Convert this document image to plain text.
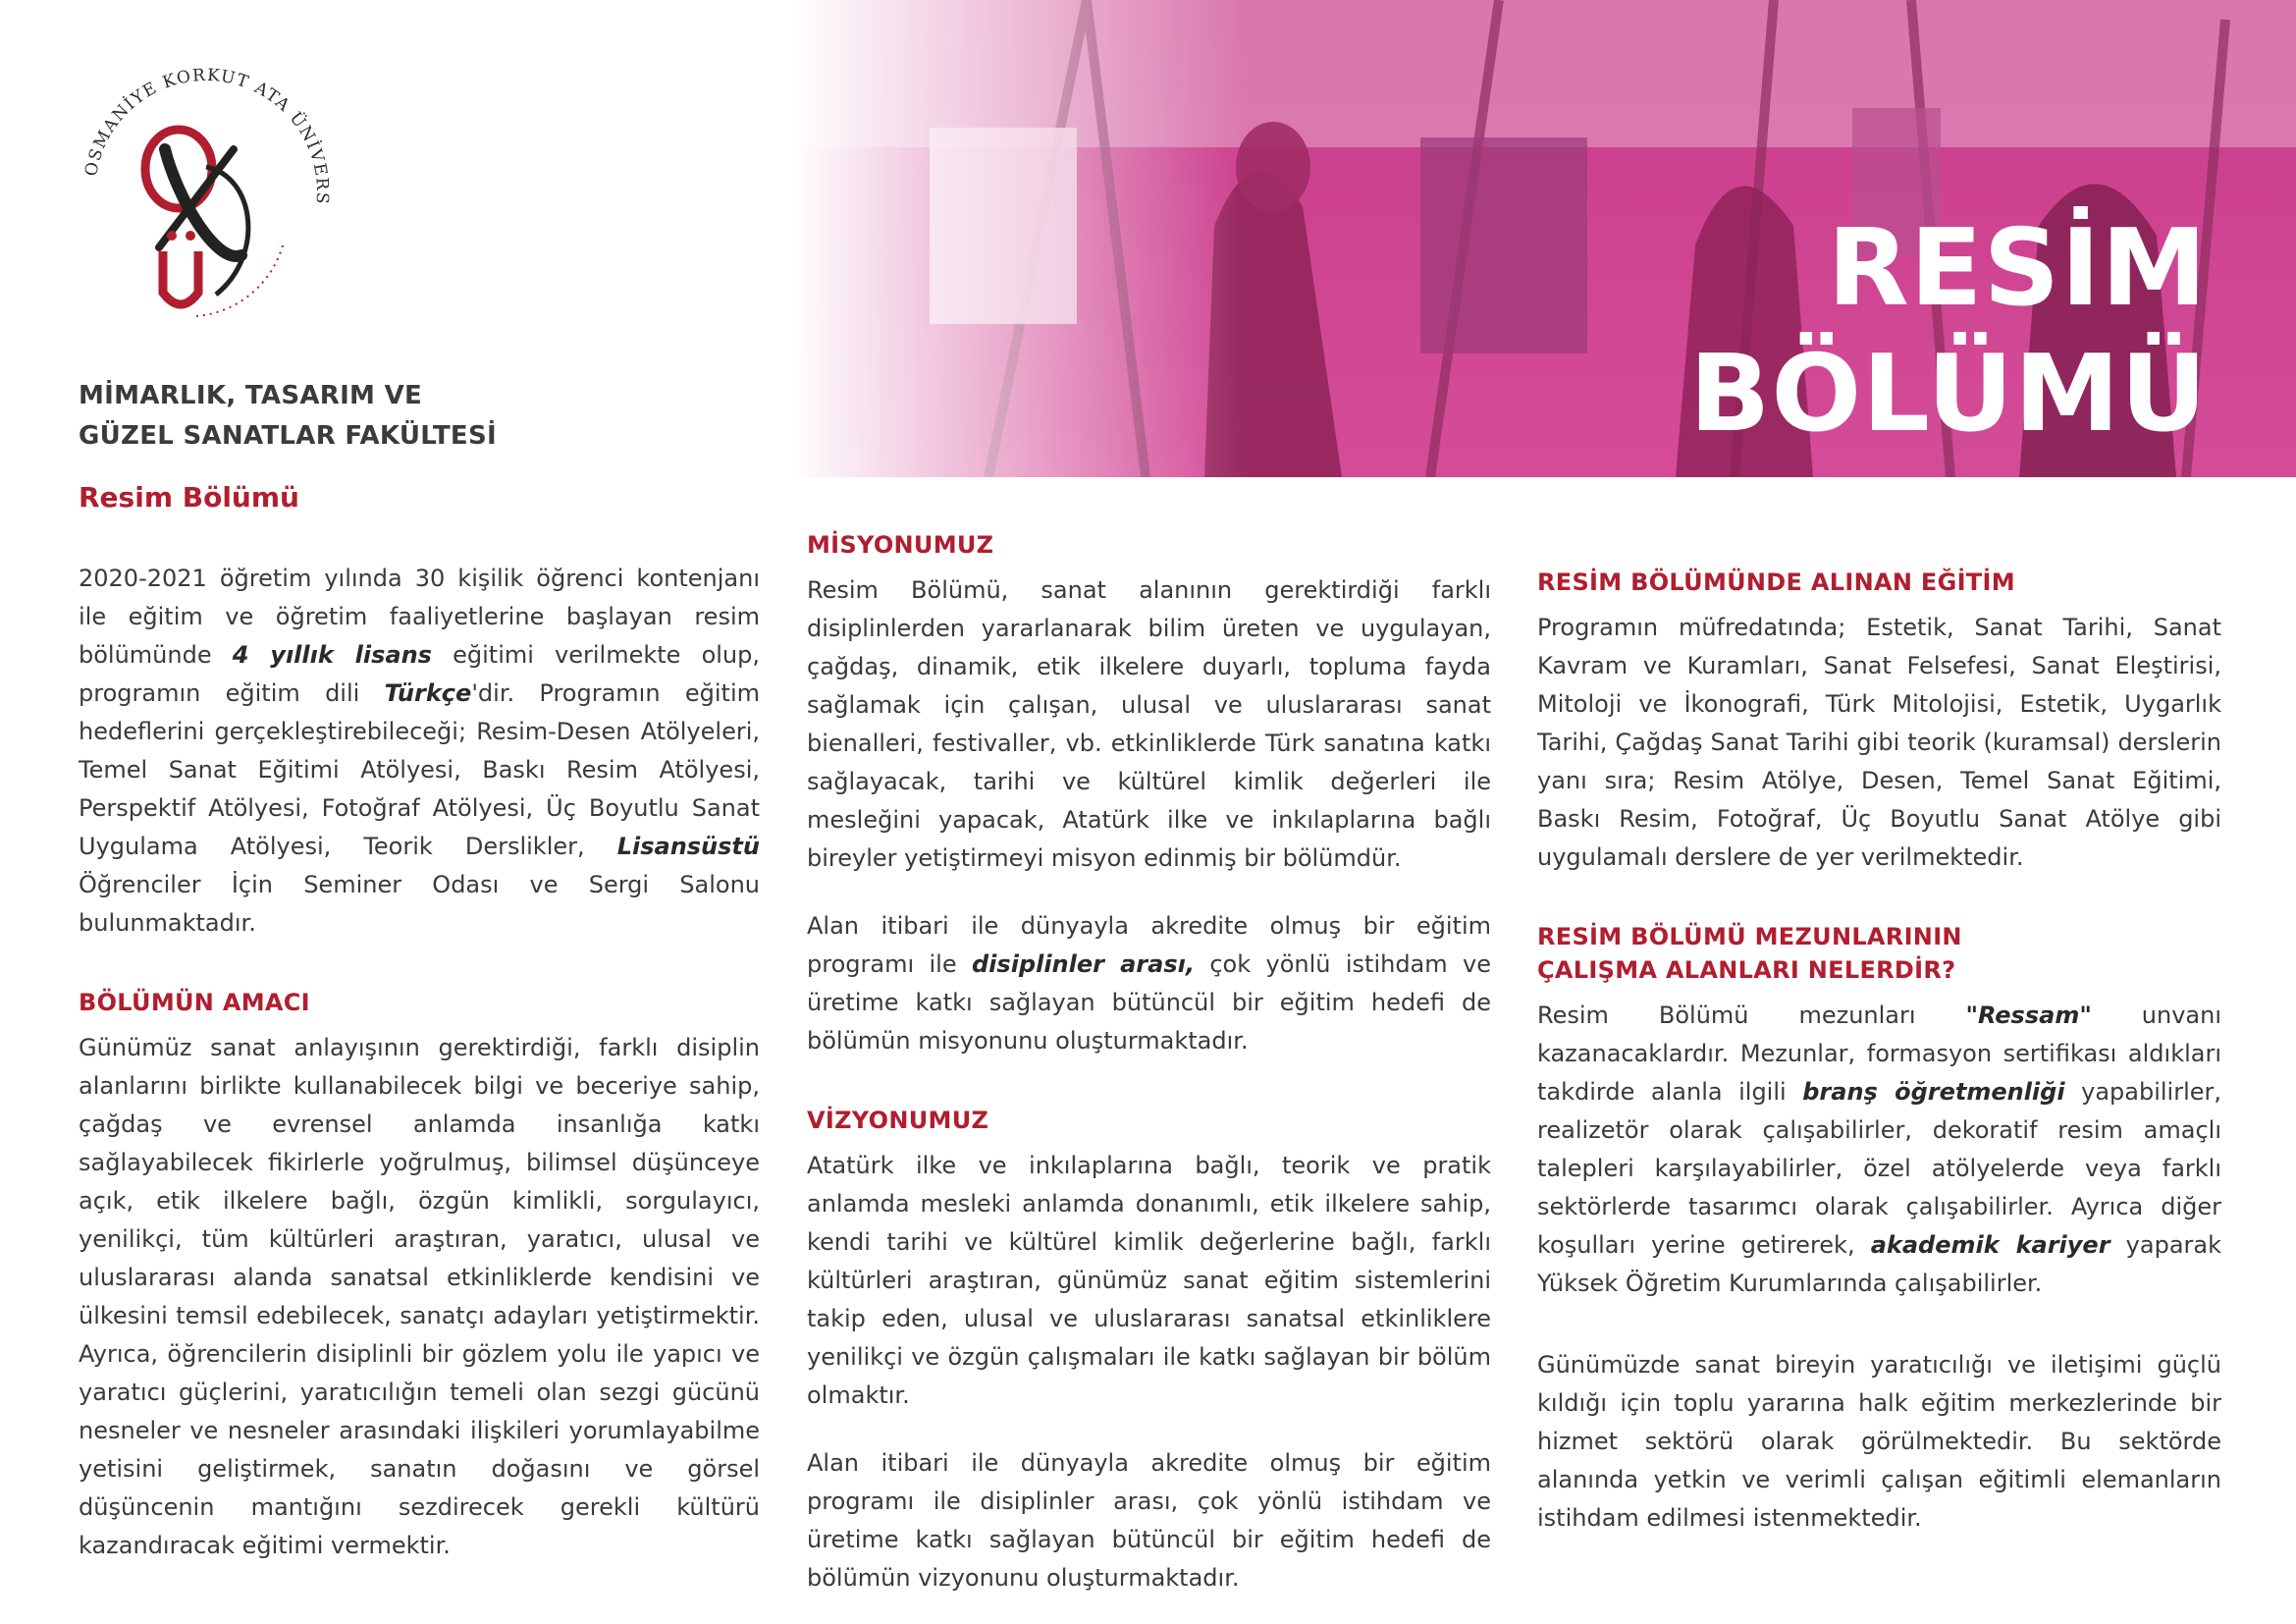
OSMANİYE KORKUT ATA ÜNİVERS
MİMARLIK, TASARIM VE
GÜZEL SANATLAR FAKÜLTESİ
Resim Bölümü
RESİM
BÖLÜMÜ

2020-2021 öğretim yılında 30 kişilik öğrenci kontenjanı ile eğitim ve öğretim faaliyetlerine başlayan resim bölümünde 4 yıllık lisans eğitimi verilmekte olup, programın eğitim dili Türkçe'dir. Programın eğitim hedeflerini gerçekleştirebileceği; Resim-Desen Atölyeleri, Temel Sanat Eğitimi Atölyesi, Baskı Resim Atölyesi, Perspektif Atölyesi, Fotoğraf Atölyesi, Üç Boyutlu Sanat Uygulama Atölyesi, Teorik Derslikler, Lisansüstü Öğrenciler İçin Seminer Odası ve Sergi Salonu bulunmaktadır.

BÖLÜMÜN AMACI

Günümüz sanat anlayışının gerektirdiği, farklı disiplin alanlarını birlikte kullanabilecek bilgi ve beceriye sahip, çağdaş ve evrensel anlamda insanlığa katkı sağlayabilecek fikirlerle yoğrulmuş, bilimsel düşünceye açık, etik ilkelere bağlı, özgün kimlikli, sorgulayıcı, yenilikçi, tüm kültürleri araştıran, yaratıcı, ulusal ve uluslararası alanda sanatsal etkinliklerde kendisini ve ülkesini temsil edebilecek, sanatçı adayları yetiştirmektir. Ayrıca, öğrencilerin disiplinli bir gözlem yolu ile yapıcı ve yaratıcı güçlerini, yaratıcılığın temeli olan sezgi gücünü nesneler ve nesneler arasındaki ilişkileri yorumlayabilme yetisini geliştirmek, sanatın doğasını ve görsel düşüncenin mantığını sezdirecek gerekli kültürü kazandıracak eğitimi vermektir.

MİSYONUMUZ

Resim Bölümü, sanat alanının gerektirdiği farklı disiplinlerden yararlanarak bilim üreten ve uygulayan, çağdaş, dinamik, etik ilkelere duyarlı, topluma fayda sağlamak için çalışan, ulusal ve uluslararası sanat bienalleri, festivaller, vb. etkinliklerde Türk sanatına katkı sağlayacak, tarihi ve kültürel kimlik değerleri ile mesleğini yapacak, Atatürk ilke ve inkılaplarına bağlı bireyler yetiştirmeyi misyon edinmiş bir bölümdür.

Alan itibari ile dünyayla akredite olmuş bir eğitim programı ile disiplinler arası, çok yönlü istihdam ve üretime katkı sağlayan bütüncül bir eğitim hedefi de bölümün misyonunu oluşturmaktadır.

VİZYONUMUZ

Atatürk ilke ve inkılaplarına bağlı, teorik ve pratik anlamda mesleki anlamda donanımlı, etik ilkelere sahip, kendi tarihi ve kültürel kimlik değerlerine bağlı, farklı kültürleri araştıran, günümüz sanat eğitim sistemlerini takip eden, ulusal ve uluslararası sanatsal etkinliklere yenilikçi ve özgün çalışmaları ile katkı sağlayan bir bölüm olmaktır.

Alan itibari ile dünyayla akredite olmuş bir eğitim programı ile disiplinler arası, çok yönlü istihdam ve üretime katkı sağlayan bütüncül bir eğitim hedefi de bölümün vizyonunu oluşturmaktadır.

RESİM BÖLÜMÜNDE ALINAN EĞİTİM

Programın müfredatında; Estetik, Sanat Tarihi, Sanat Kavram ve Kuramları, Sanat Felsefesi, Sanat Eleştirisi, Mitoloji ve İkonografi, Türk Mitolojisi, Estetik, Uygarlık Tarihi, Çağdaş Sanat Tarihi gibi teorik (kuramsal) derslerin yanı sıra; Resim Atölye, Desen, Temel Sanat Eğitimi, Baskı Resim, Fotoğraf, Üç Boyutlu Sanat Atölye gibi uygulamalı derslere de yer verilmektedir.

RESİM BÖLÜMÜ MEZUNLARININ
ÇALIŞMA ALANLARI NELERDİR?

Resim Bölümü mezunları "Ressam" unvanı kazanacaklardır. Mezunlar, formasyon sertifikası aldıkları takdirde alanla ilgili branş öğretmenliği yapabilirler, realizetör olarak çalışabilirler, dekoratif resim amaçlı talepleri karşılayabilirler, özel atölyelerde veya farklı sektörlerde tasarımcı olarak çalışabilirler. Ayrıca diğer koşulları yerine getirerek, akademik kariyer yaparak Yüksek Öğretim Kurumlarında çalışabilirler.

Günümüzde sanat bireyin yaratıcılığı ve iletişimi güçlü kıldığı için toplu yararına halk eğitim merkezlerinde bir hizmet sektörü olarak görülmektedir. Bu sektörde alanında yetkin ve verimli çalışan eğitimli elemanların istihdam edilmesi istenmektedir.
